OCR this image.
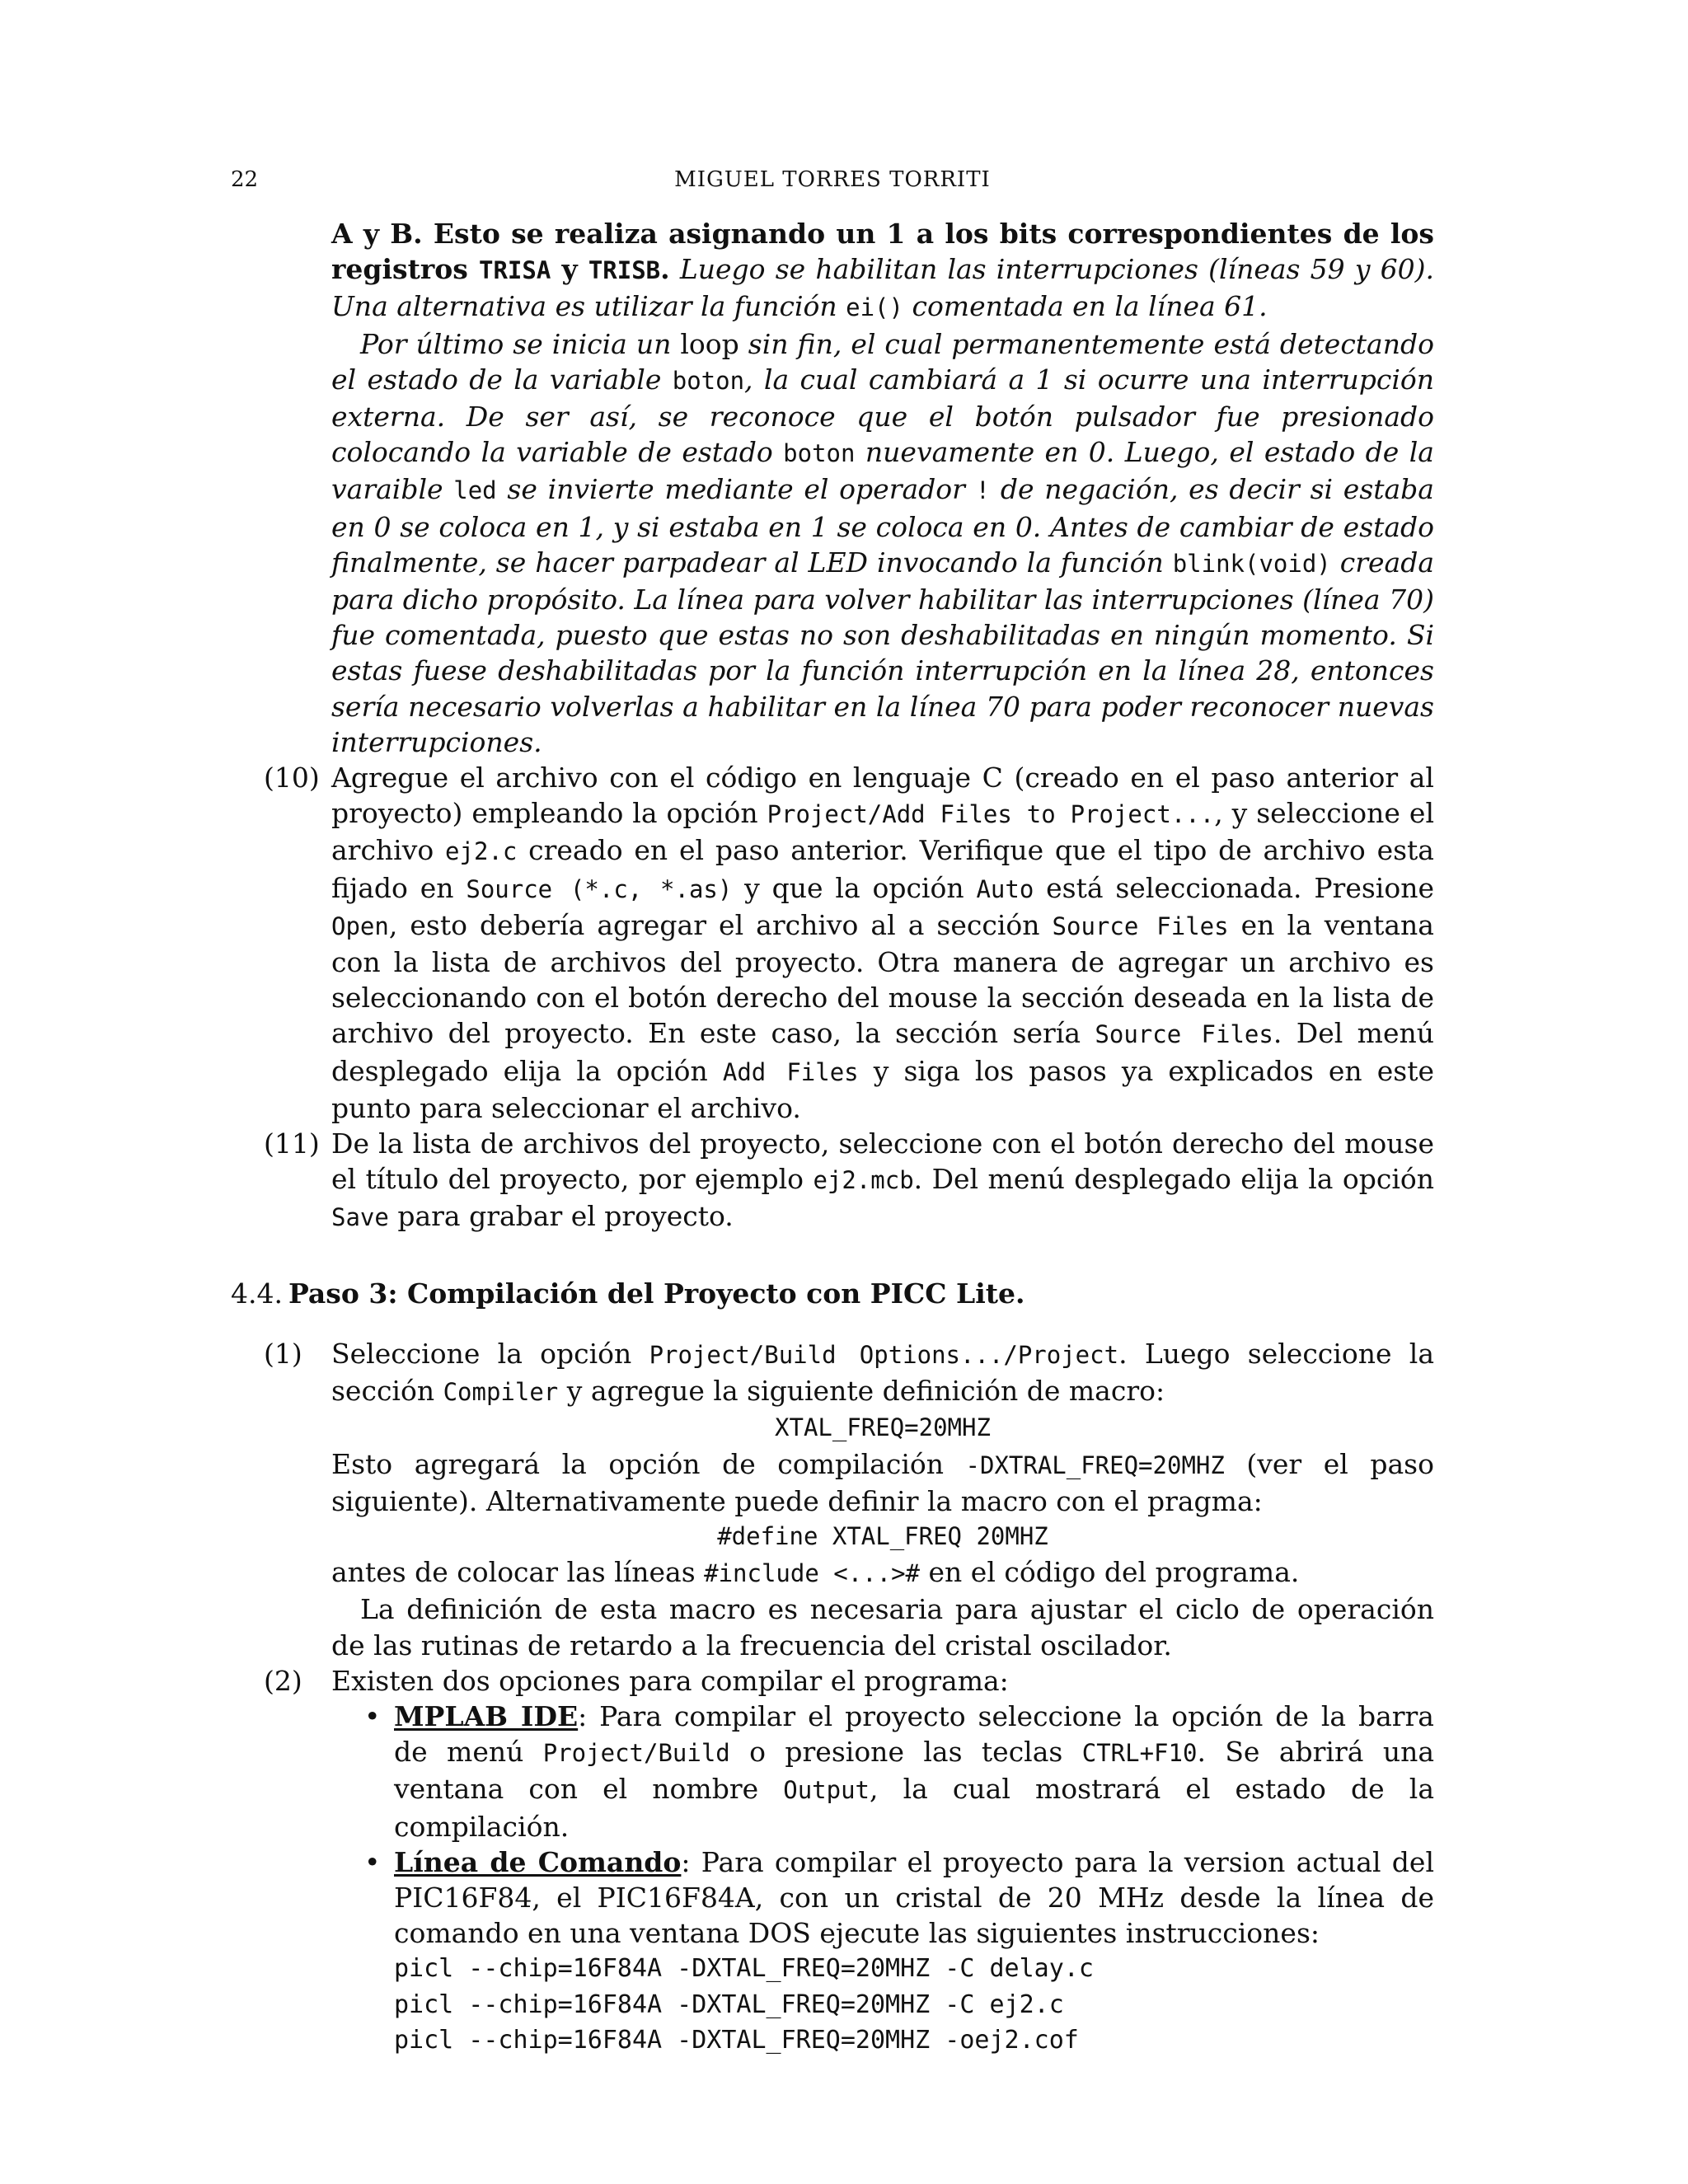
22	MIGUEL TORRES TORRITI

A y B. Esto se realiza asignando un 1 a los bits correspondientes de los registros TRISA y TRISB. Luego se habilitan las interrupciones (líneas 59 y 60). Una alternativa es utilizar la función ei() comentada en la línea 61.

Por último se inicia un loop sin fin, el cual permanentemente está detectando el estado de la variable boton, la cual cambiará a 1 si ocurre una interrupción externa. De ser así, se reconoce que el botón pulsador fue presionado colocando la variable de estado boton nuevamente en 0. Luego, el estado de la varaible led se invierte mediante el operador ! de negación, es decir si estaba en 0 se coloca en 1, y si estaba en 1 se coloca en 0. Antes de cambiar de estado finalmente, se hacer parpadear al LED invocando la función blink(void) creada para dicho propósito. La línea para volver habilitar las interrupciones (línea 70) fue comentada, puesto que estas no son deshabilitadas en ningún momento. Si estas fuese deshabilitadas por la función interrupción en la línea 28, entonces sería necesario volverlas a habilitar en la línea 70 para poder reconocer nuevas interrupciones.

(10) Agregue el archivo con el código en lenguaje C (creado en el paso anterior al proyecto) empleando la opción Project/Add Files to Project..., y seleccione el archivo ej2.c creado en el paso anterior. Verifique que el tipo de archivo esta fijado en Source (*.c, *.as) y que la opción Auto está seleccionada. Presione Open, esto debería agregar el archivo al a sección Source Files en la ventana con la lista de archivos del proyecto. Otra manera de agregar un archivo es seleccionando con el botón derecho del mouse la sección deseada en la lista de archivo del proyecto. En este caso, la sección sería Source Files. Del menú desplegado elija la opción Add Files y siga los pasos ya explicados en este punto para seleccionar el archivo.
(11) De la lista de archivos del proyecto, seleccione con el botón derecho del mouse el título del proyecto, por ejemplo ej2.mcb. Del menú desplegado elija la opción Save para grabar el proyecto.
4.4. Paso 3: Compilación del Proyecto con PICC Lite.
(1) Seleccione la opción Project/Build Options.../Project. Luego seleccione la sección Compiler y agregue la siguiente definición de macro:
XTAL_FREQ=20MHZ

Esto agregará la opción de compilación -DXTRAL_FREQ=20MHZ (ver el paso siguiente). Alternativamente puede definir la macro con el pragma:

#define XTAL_FREQ 20MHZ

antes de colocar las líneas #include <...># en el código del programa.

La definición de esta macro es necesaria para ajustar el ciclo de operación de las rutinas de retardo a la frecuencia del cristal oscilador.

(2) Existen dos opciones para compilar el programa:
• MPLAB IDE: Para compilar el proyecto seleccione la opción de la barra de menú Project/Build o presione las teclas CTRL+F10. Se abrirá una ventana con el nombre Output, la cual mostrará el estado de la compilación.
• Línea de Comando: Para compilar el proyecto para la version actual del PIC16F84, el PIC16F84A, con un cristal de 20 MHz desde la línea de comando en una ventana DOS ejecute las siguientes instrucciones:
picl --chip=16F84A -DXTAL_FREQ=20MHZ -C delay.c
picl --chip=16F84A -DXTAL_FREQ=20MHZ -C ej2.c
picl --chip=16F84A -DXTAL_FREQ=20MHZ -oej2.cof
